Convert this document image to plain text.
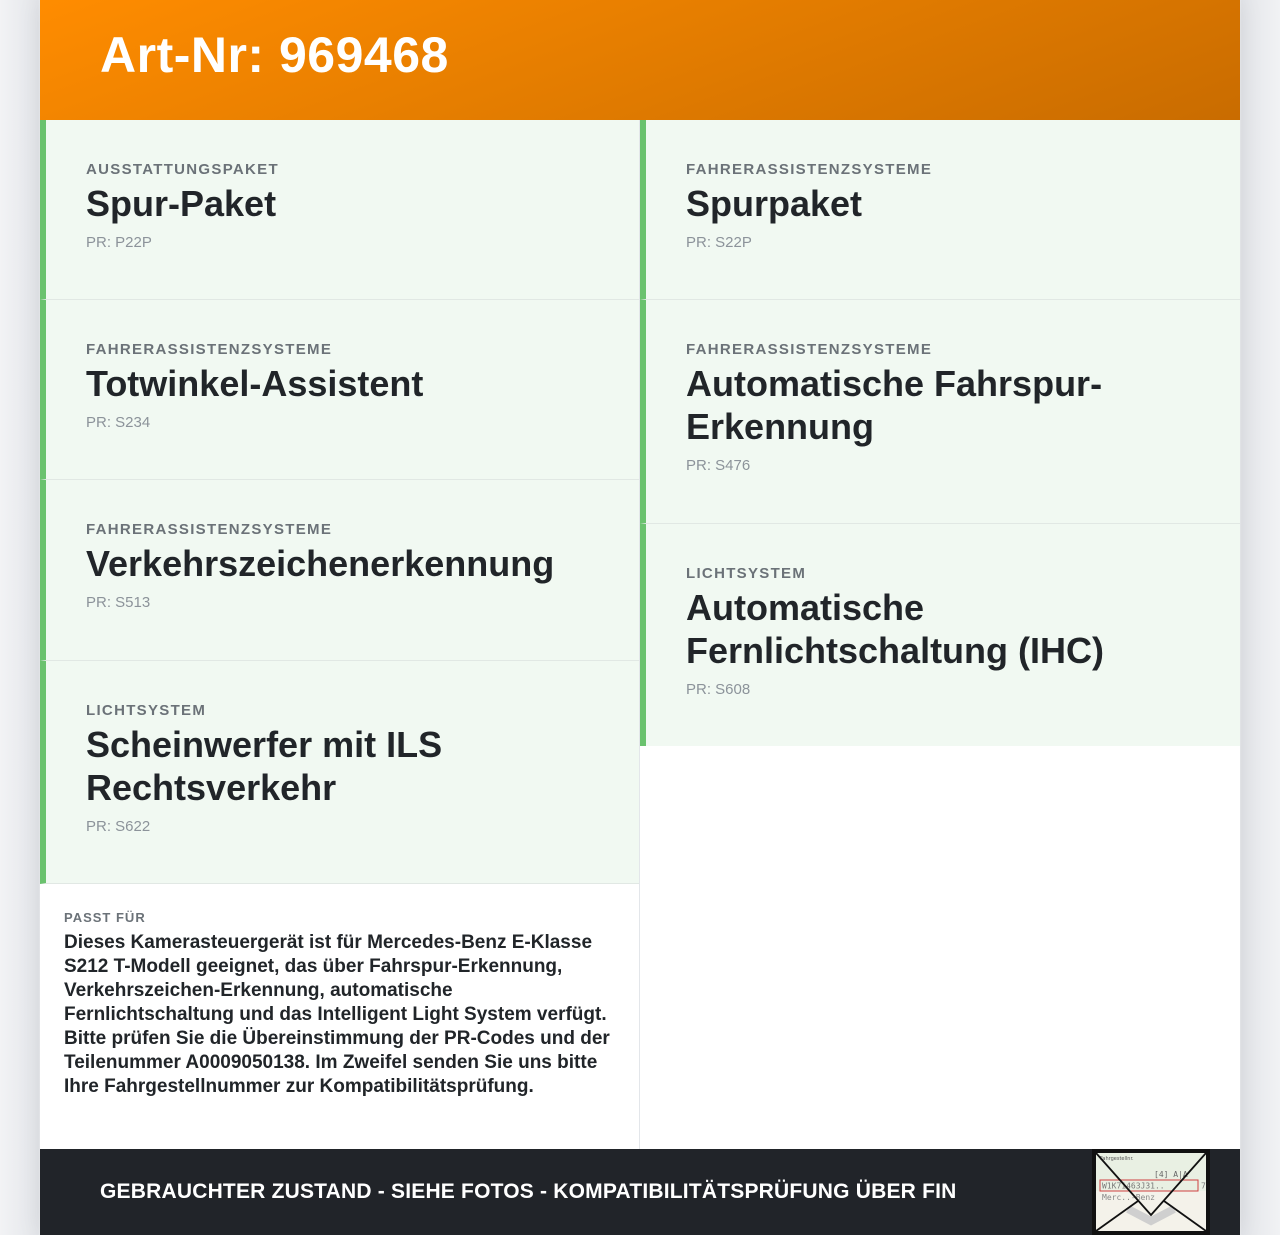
Art-Nr: 969468
AUSSTATTUNGSPAKET
Spur-Paket
PR: P22P
FAHRERASSISTENZSYSTEME
Totwinkel-Assistent
PR: S234
FAHRERASSISTENZSYSTEME
Verkehrszeichenerkennung
PR: S513
LICHTSYSTEM
Scheinwerfer mit ILS Rechtsverkehr
PR: S622
PASST FÜR
Dieses Kamerasteuergerät ist für Mercedes-Benz E-Klasse S212 T-Modell geeignet, das über Fahrspur-Erkennung, Verkehrszeichen-Erkennung, automatische Fernlichtschaltung und das Intelligent Light System verfügt. Bitte prüfen Sie die Übereinstimmung der PR-Codes und der Teilenummer A0009050138. Im Zweifel senden Sie uns bitte Ihre Fahrgestellnummer zur Kompatibilitätsprüfung.
FAHRERASSISTENZSYSTEME
Spurpaket
PR: S22P
FAHRERASSISTENZSYSTEME
Automatische Fahrspur-Erkennung
PR: S476
LICHTSYSTEM
Automatische Fernlichtschaltung (IHC)
PR: S608
GEBRAUCHTER ZUSTAND - SIEHE FOTOS - KOMPATIBILITÄTSPRÜFUNG ÜBER FIN
Fahrgestellnr.
[4] A|A
W1K71463J31..	7
Merc..-Benz
